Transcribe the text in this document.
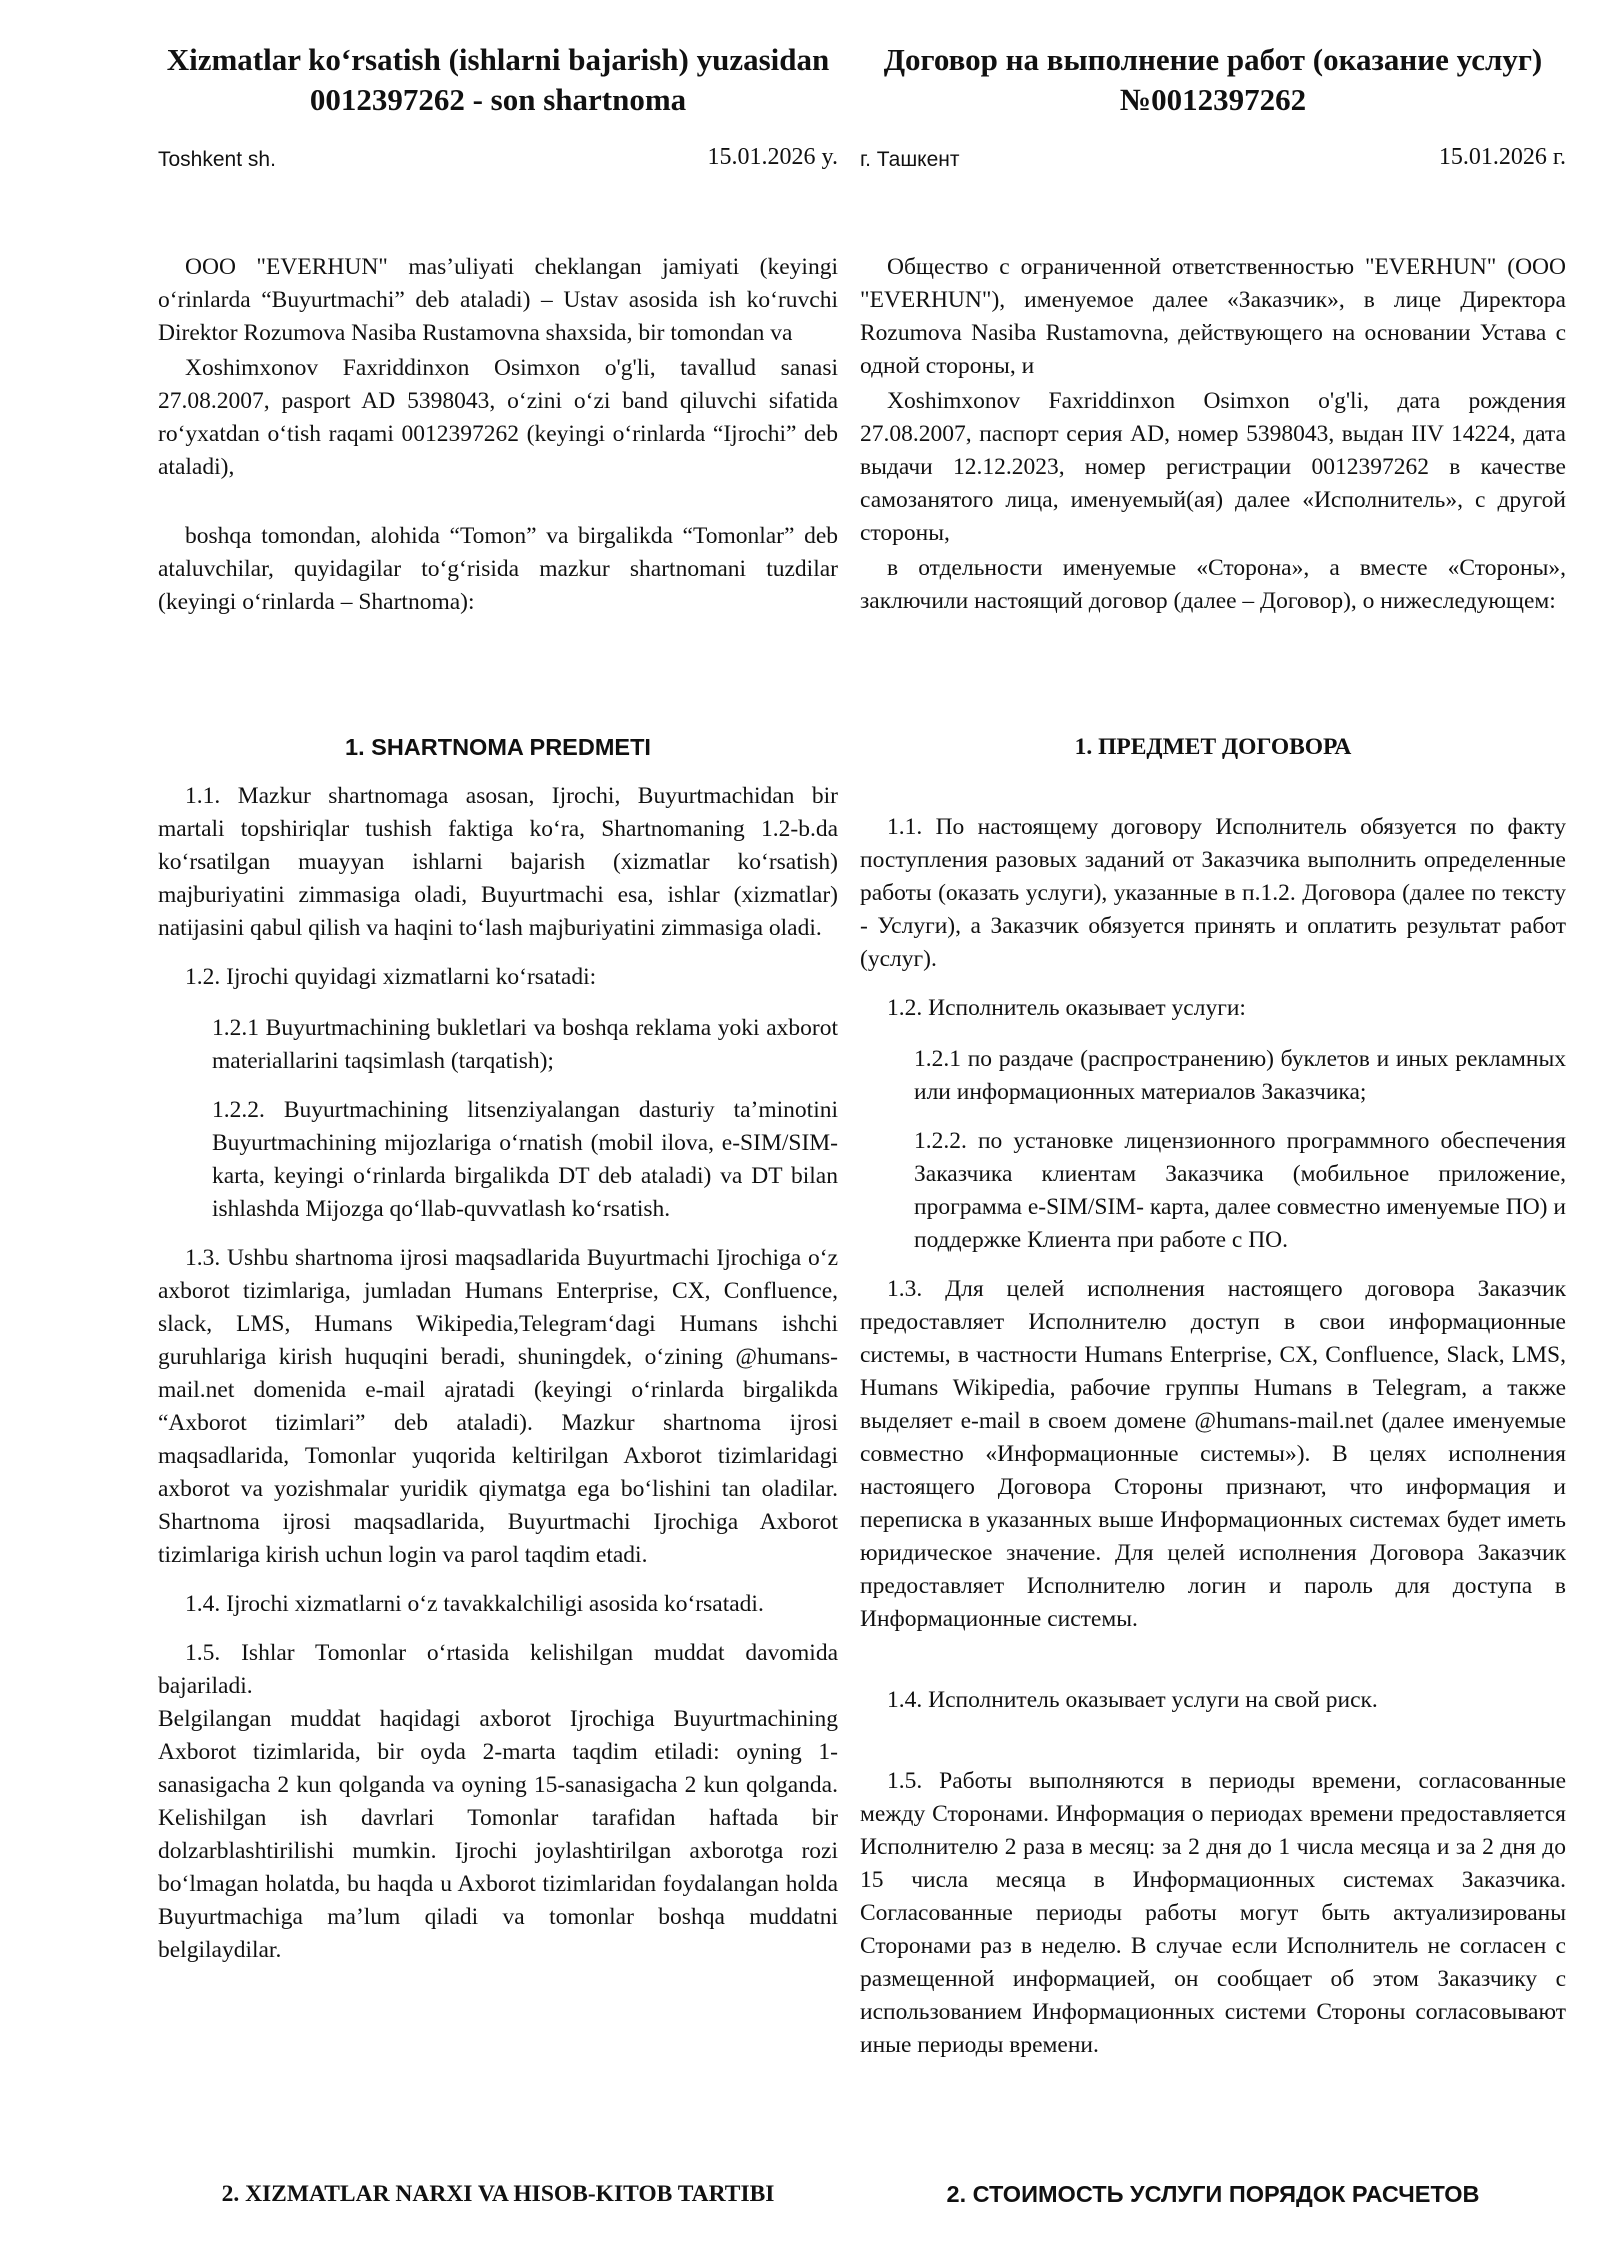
Xizmatlar ko‘rsatish (ishlarni bajarish) yuzasidan 0012397262 - son shartnoma
Toshkent sh.	15.01.2026 y.

OOO "EVERHUN" mas’uliyati cheklangan jamiyati (keyingi o‘rinlarda “Buyurtmachi” deb ataladi) – Ustav asosida ish ko‘ruvchi Direktor Rozumova Nasiba Rustamovna shaxsida, bir tomondan va

Xoshimxonov Faxriddinxon Osimxon o'g'li, tavallud sanasi 27.08.2007, pasport AD 5398043, o‘zini o‘zi band qiluvchi sifatida ro‘yxatdan o‘tish raqami 0012397262 (keyingi o‘rinlarda “Ijrochi” deb ataladi),

boshqa tomondan, alohida “Tomon” va birgalikda “Tomonlar” deb ataluvchilar, quyidagilar to‘g‘risida mazkur shartnomani tuzdilar (keyingi o‘rinlarda – Shartnoma):

1. SHARTNOMA PREDMETI

1.1. Mazkur shartnomaga asosan, Ijrochi, Buyurtmachidan bir martali topshiriqlar tushish faktiga ko‘ra, Shartnomaning 1.2-b.da ko‘rsatilgan muayyan ishlarni bajarish (xizmatlar ko‘rsatish) majburiyatini zimmasiga oladi, Buyurtmachi esa, ishlar (xizmatlar) natijasini qabul qilish va haqini to‘lash majburiyatini zimmasiga oladi.

1.2. Ijrochi quyidagi xizmatlarni ko‘rsatadi:

1.2.1 Buyurtmachining bukletlari va boshqa reklama yoki axborot materiallarini taqsimlash (tarqatish);

1.2.2. Buyurtmachining litsenziyalangan dasturiy ta’minotini Buyurtmachining mijozlariga o‘rnatish (mobil ilova, e-SIM/SIM-karta, keyingi o‘rinlarda birgalikda DT deb ataladi) va DT bilan ishlashda Mijozga qo‘llab-quvvatlash ko‘rsatish.

1.3. Ushbu shartnoma ijrosi maqsadlarida Buyurtmachi Ijrochiga o‘z axborot tizimlariga, jumladan Humans Enterprise, CX, Confluence, slack, LMS, Humans Wikipedia,Telegram‘dagi Humans ishchi guruhlariga kirish huquqini beradi, shuningdek, o‘zining @humans-mail.net domenida e-mail ajratadi (keyingi o‘rinlarda birgalikda “Axborot tizimlari” deb ataladi). Mazkur shartnoma ijrosi maqsadlarida, Tomonlar yuqorida keltirilgan Axborot tizimlaridagi axborot va yozishmalar yuridik qiymatga ega bo‘lishini tan oladilar. Shartnoma ijrosi maqsadlarida, Buyurtmachi Ijrochiga Axborot tizimlariga kirish uchun login va parol taqdim etadi.

1.4. Ijrochi xizmatlarni o‘z tavakkalchiligi asosida ko‘rsatadi.

1.5. Ishlar Tomonlar o‘rtasida kelishilgan muddat davomida bajariladi.

Belgilangan muddat haqidagi axborot Ijrochiga Buyurtmachining Axborot tizimlarida, bir oyda 2-marta taqdim etiladi: oyning 1- sanasigacha 2 kun qolganda va oyning 15-sanasigacha 2 kun qolganda. Kelishilgan ish davrlari Tomonlar tarafidan haftada bir dolzarblashtirilishi mumkin. Ijrochi joylashtirilgan axborotga rozi bo‘lmagan holatda, bu haqda u Axborot tizimlaridan foydalangan holda Buyurtmachiga ma’lum qiladi va tomonlar boshqa muddatni belgilaydilar.

2. XIZMATLAR NARXI VA HISOB-KITOB TARTIBI
Договор на выполнение работ (оказание услуг) №0012397262
г. Ташкент	15.01.2026 г.

Общество с ограниченной ответственностью "EVERHUN" (ООО "EVERHUN"), именуемое далее «Заказчик», в лице Директора Rozumova Nasiba Rustamovna, действующего на основании Устава с одной стороны, и

Xoshimxonov Faxriddinxon Osimxon o'g'li, дата рождения 27.08.2007, паспорт серия AD, номер 5398043, выдан IIV 14224, дата выдачи 12.12.2023, номер регистрации 0012397262 в качестве самозанятого лица, именуемый(ая) далее «Исполнитель», с другой стороны,

в отдельности именуемые «Сторона», а вместе «Стороны», заключили настоящий договор (далее – Договор), о нижеследующем:

1. ПРЕДМЕТ ДОГОВОРА

1.1. По настоящему договору Исполнитель обязуется по факту поступления разовых заданий от Заказчика выполнить определенные работы (оказать услуги), указанные в п.1.2. Договора (далее по тексту - Услуги), а Заказчик обязуется принять и оплатить результат работ (услуг).

1.2. Исполнитель оказывает услуги:

1.2.1 по раздаче (распространению) буклетов и иных рекламных или информационных материалов Заказчика;

1.2.2. по установке лицензионного программного обеспечения Заказчика клиентам Заказчика (мобильное приложение, программа e-SIM/SIM- карта, далее совместно именуемые ПО) и поддержке Клиента при работе с ПО.

1.3. Для целей исполнения настоящего договора Заказчик предоставляет Исполнителю доступ в свои информационные системы, в частности Humans Enterprise, CX, Confluence, Slack, LMS, Humans Wikipedia, рабочие группы Humans в Telegram, а также выделяет e-mail в своем домене @humans-mail.net (далее именуемые совместно «Информационные системы»). В целях исполнения настоящего Договора Стороны признают, что информация и переписка в указанных выше Информационных системах будет иметь юридическое значение. Для целей исполнения Договора Заказчик предоставляет Исполнителю логин и пароль для доступа в Информационные системы.

1.4. Исполнитель оказывает услуги на свой риск.

1.5. Работы выполняются в периоды времени, согласованные между Сторонами. Информация о периодах времени предоставляется Исполнителю 2 раза в месяц: за 2 дня до 1 числа месяца и за 2 дня до 15 числа месяца в Информационных системах Заказчика. Согласованные периоды работы могут быть актуализированы Сторонами раз в неделю. В случае если Исполнитель не согласен с размещенной информацией, он сообщает об этом Заказчику с использованием Информационных системи Стороны согласовывают иные периоды времени.

2. СТОИМОСТЬ УСЛУГИ ПОРЯДОК РАСЧЕТОВ
